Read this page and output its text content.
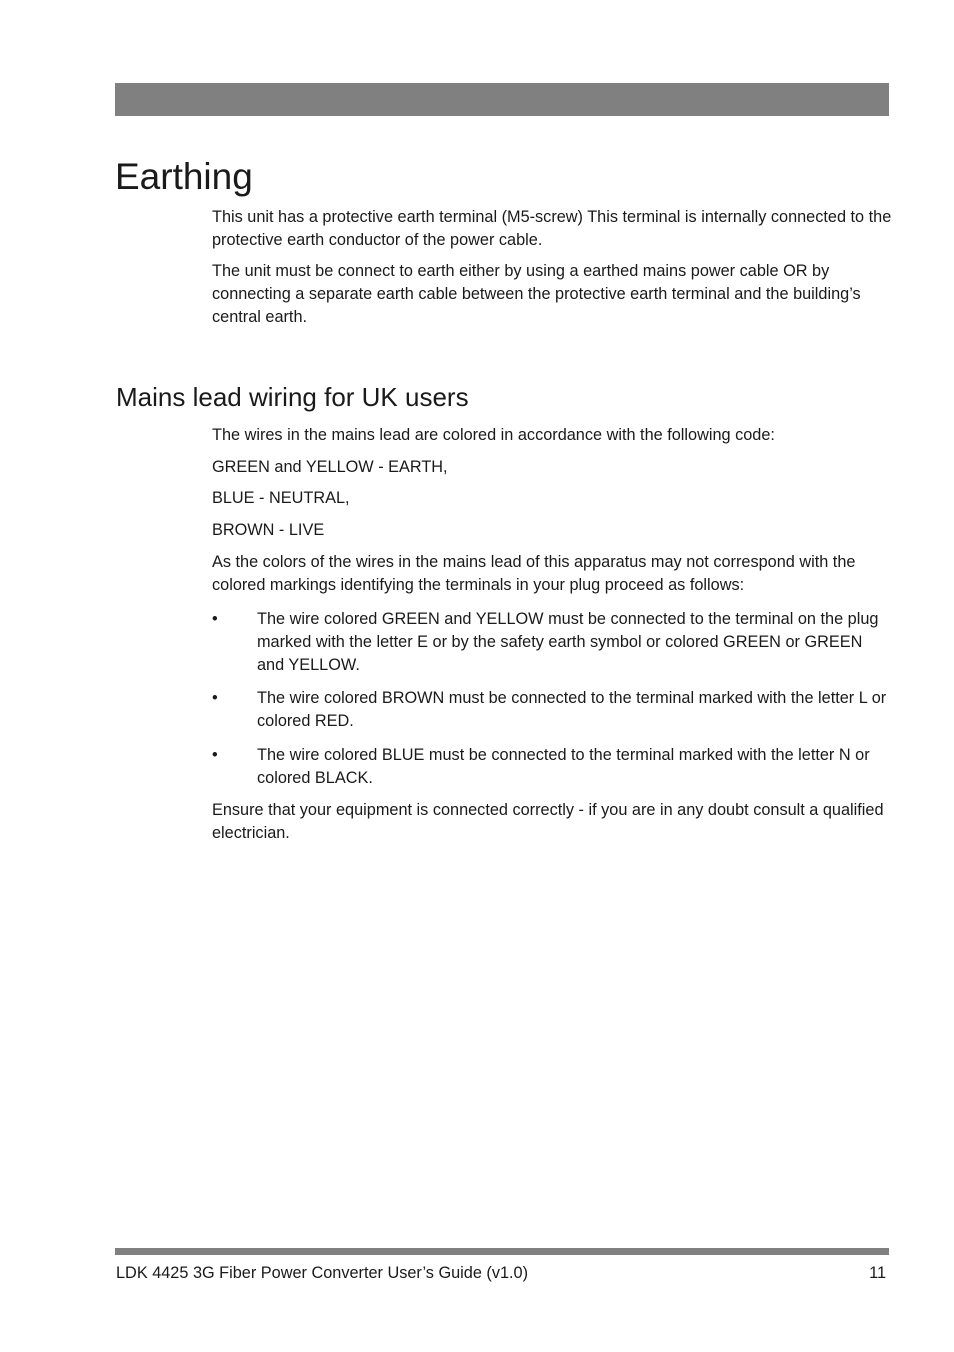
Earthing

This unit has a protective earth terminal (M5-screw) This terminal is internally connected to the protective earth conductor of the power cable.

The unit must be connect to earth either by using a earthed mains power cable OR by connecting a separate earth cable between the protective earth terminal and the building’s central earth.

Mains lead wiring for UK users

The wires in the mains lead are colored in accordance with the following code:

GREEN and YELLOW - EARTH,

BLUE - NEUTRAL,

BROWN - LIVE

As the colors of the wires in the mains lead of this apparatus may not correspond with the colored markings identifying the terminals in your plug proceed as follows:

• The wire colored GREEN and YELLOW must be connected to the terminal on the plug marked with the letter E or by the safety earth symbol or colored GREEN or GREEN and YELLOW.
• The wire colored BROWN must be connected to the terminal marked with the letter L or colored RED.
• The wire colored BLUE must be connected to the terminal marked with the letter N or colored BLACK.

Ensure that your equipment is connected correctly - if you are in any doubt consult a qualified electrician.

LDK 4425 3G Fiber Power Converter User’s Guide (v1.0)	11
